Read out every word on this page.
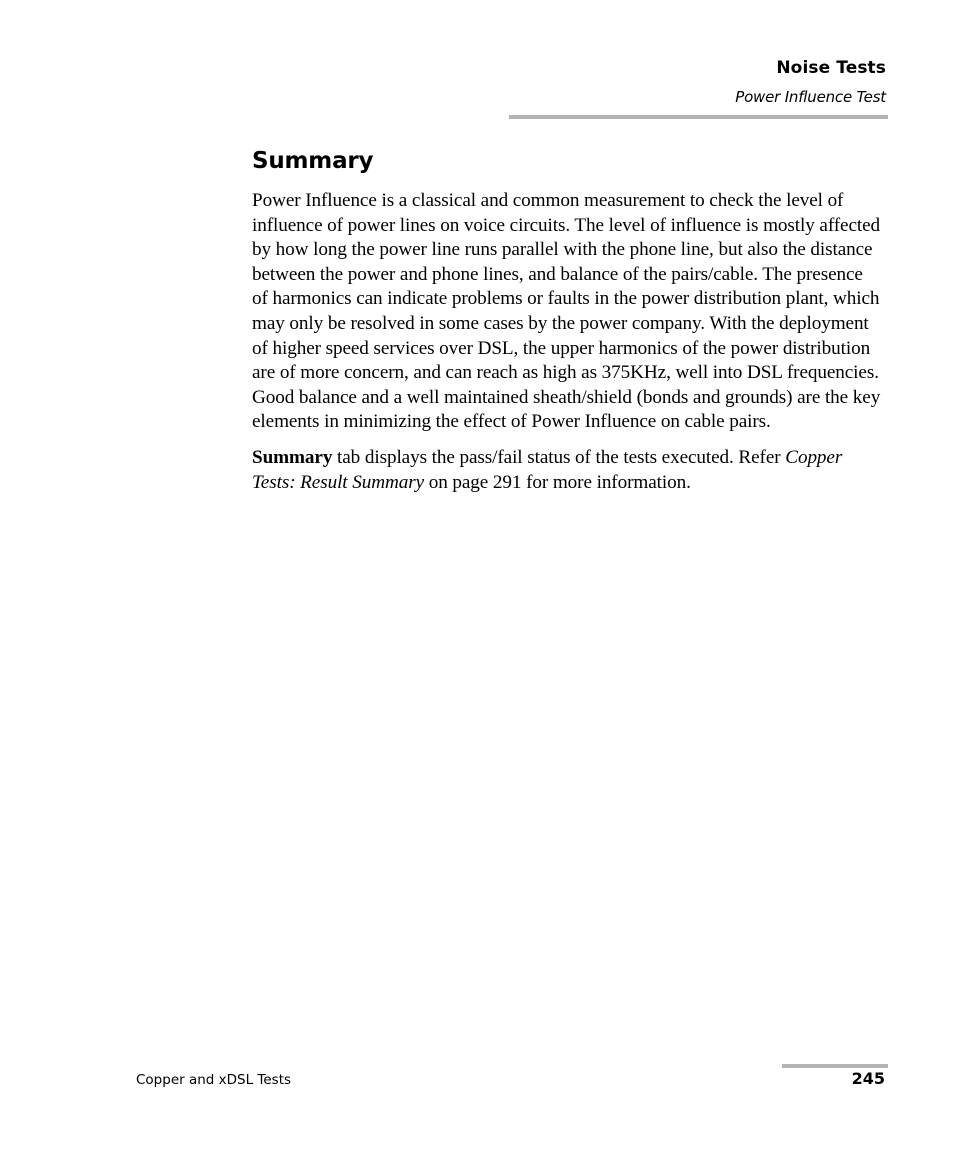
Noise Tests
Power Influence Test
Summary

Power Influence is a classical and common measurement to check the level of influence of power lines on voice circuits. The level of influence is mostly affected by how long the power line runs parallel with the phone line, but also the distance between the power and phone lines, and balance of the pairs/cable. The presence of harmonics can indicate problems or faults in the power distribution plant, which may only be resolved in some cases by the power company. With the deployment of higher speed services over DSL, the upper harmonics of the power distribution are of more concern, and can reach as high as 375KHz, well into DSL frequencies. Good balance and a well maintained sheath/shield (bonds and grounds) are the key elements in minimizing the effect of Power Influence on cable pairs.

Summary tab displays the pass/fail status of the tests executed. Refer Copper Tests: Result Summary on page 291 for more information.

Copper and xDSL Tests	245
